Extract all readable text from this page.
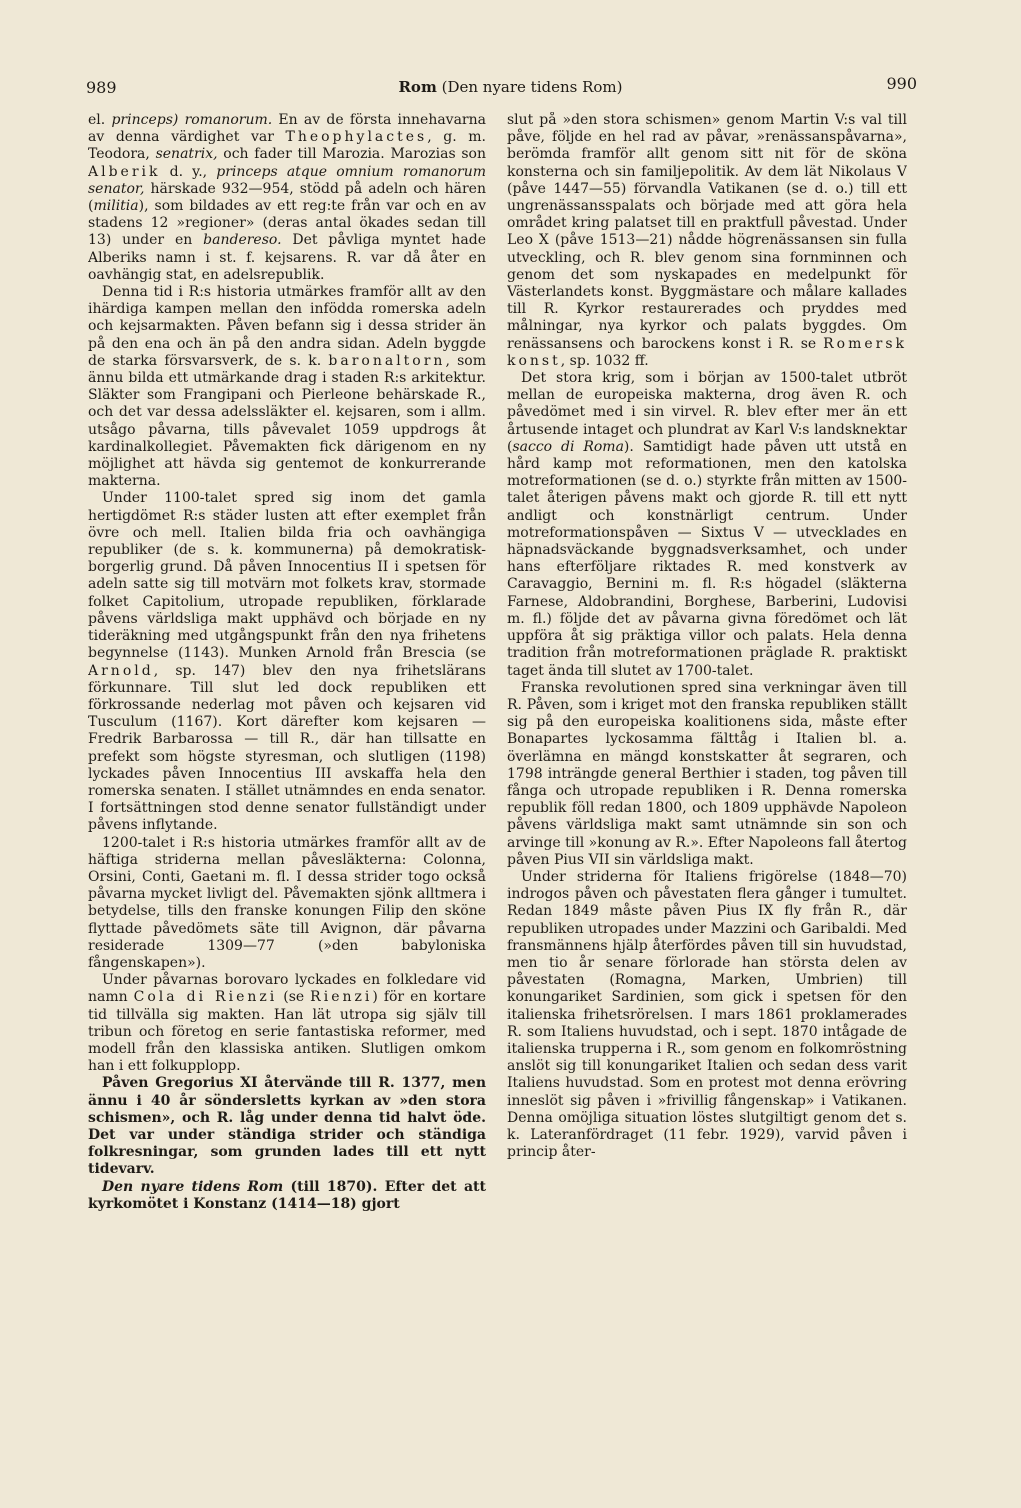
989	Rom (Den nyare tidens Rom)	990

el. princeps) romanorum. En av de första innehavarna av denna värdighet var Theophylactes, g. m. Teodora, senatrix, och fader till Marozia. Marozias son Alberik d. y., princeps atque omnium romanorum senator, härskade 932—954, stödd på adeln och hären (militia), som bildades av ett reg:te från var och en av stadens 12 »regioner» (deras antal ökades sedan till 13) under en bandereso. Det påvliga myntet hade Alberiks namn i st. f. kejsarens. R. var då åter en oavhängig stat, en adelsrepublik.

Denna tid i R:s historia utmärkes framför allt av den ihärdiga kampen mellan den infödda romerska adeln och kejsarmakten. Påven befann sig i dessa strider än på den ena och än på den andra sidan. Adeln byggde de starka försvarsverk, de s. k. baronaltorn, som ännu bilda ett utmärkande drag i staden R:s arkitektur. Släkter som Frangipani och Pierleone behärskade R., och det var dessa adelssläkter el. kejsaren, som i allm. utsågo påvarna, tills påvevalet 1059 uppdrogs åt kardinalkollegiet. Påvemakten fick därigenom en ny möjlighet att hävda sig gentemot de konkurrerande makterna.

Under 1100-talet spred sig inom det gamla hertigdömet R:s städer lusten att efter exemplet från övre och mell. Italien bilda fria och oavhängiga republiker (de s. k. kommunerna) på demokratisk-borgerlig grund. Då påven Innocentius II i spetsen för adeln satte sig till motvärn mot folkets krav, stormade folket Capitolium, utropade republiken, förklarade påvens världsliga makt upphävd och började en ny tideräkning med utgångspunkt från den nya frihetens begynnelse (1143). Munken Arnold från Brescia (se Arnold, sp. 147) blev den nya frihetslärans förkunnare. Till slut led dock republiken ett förkrossande nederlag mot påven och kejsaren vid Tusculum (1167). Kort därefter kom kejsaren — Fredrik Barbarossa — till R., där han tillsatte en prefekt som högste styresman, och slutligen (1198) lyckades påven Innocentius III avskaffa hela den romerska senaten. I stället utnämndes en enda senator. I fortsättningen stod denne senator fullständigt under påvens inflytande.

1200-talet i R:s historia utmärkes framför allt av de häftiga striderna mellan påvesläkterna: Colonna, Orsini, Conti, Gaetani m. fl. I dessa strider togo också påvarna mycket livligt del. Påvemakten sjönk alltmera i betydelse, tills den franske konungen Filip den sköne flyttade påvedömets säte till Avignon, där påvarna residerade 1309—77 (»den babyloniska fångenskapen»).

Under påvarnas borovaro lyckades en folkledare vid namn Cola di Rienzi (se Rienzi) för en kortare tid tillvälla sig makten. Han lät utropa sig själv till tribun och företog en serie fantastiska reformer, med modell från den klassiska antiken. Slutligen omkom han i ett folkupplopp.

Påven Gregorius XI återvände till R. 1377, men ännu i 40 år söndersletts kyrkan av »den stora schismen», och R. låg under denna tid halvt öde. Det var under ständiga strider och ständiga folkresningar, som grunden lades till ett nytt tidevarv.

Den nyare tidens Rom (till 1870). Efter det att kyrkomötet i Konstanz (1414—18) gjort

slut på »den stora schismen» genom Martin V:s val till påve, följde en hel rad av påvar, »renässanspåvarna», berömda framför allt genom sitt nit för de sköna konsterna och sin familjepolitik. Av dem lät Nikolaus V (påve 1447—55) förvandla Vatikanen (se d. o.) till ett ungrenässansspalats och började med att göra hela området kring palatset till en praktfull påvestad. Under Leo X (påve 1513—21) nådde högrenässansen sin fulla utveckling, och R. blev genom sina fornminnen och genom det som nyskapades en medelpunkt för Västerlandets konst. Byggmästare och målare kallades till R. Kyrkor restaurerades och pryddes med målningar, nya kyrkor och palats byggdes. Om renässansens och barockens konst i R. se Romersk konst, sp. 1032 ff.

Det stora krig, som i början av 1500-talet utbröt mellan de europeiska makterna, drog även R. och påvedömet med i sin virvel. R. blev efter mer än ett årtusende intaget och plundrat av Karl V:s landsknektar (sacco di Roma). Samtidigt hade påven utt utstå en hård kamp mot reformationen, men den katolska motreformationen (se d. o.) styrkte från mitten av 1500-talet återigen påvens makt och gjorde R. till ett nytt andligt och konstnärligt centrum. Under motreformationspåven — Sixtus V — utvecklades en häpnadsväckande byggnadsverksamhet, och under hans efterföljare riktades R. med konstverk av Caravaggio, Bernini m. fl. R:s högadel (släkterna Farnese, Aldobrandini, Borghese, Barberini, Ludovisi m. fl.) följde det av påvarna givna föredömet och lät uppföra åt sig präktiga villor och palats. Hela denna tradition från motreformationen präglade R. praktiskt taget ända till slutet av 1700-talet.

Franska revolutionen spred sina verkningar även till R. Påven, som i kriget mot den franska republiken ställt sig på den europeiska koalitionens sida, måste efter Bonapartes lyckosamma fälttåg i Italien bl. a. överlämna en mängd konstskatter åt segraren, och 1798 inträngde general Berthier i staden, tog påven till fånga och utropade republiken i R. Denna romerska republik föll redan 1800, och 1809 upphävde Napoleon påvens världsliga makt samt utnämnde sin son och arvinge till »konung av R.». Efter Napoleons fall återtog påven Pius VII sin världsliga makt.

Under striderna för Italiens frigörelse (1848—70) indrogos påven och påvestaten flera gånger i tumultet. Redan 1849 måste påven Pius IX fly från R., där republiken utropades under Mazzini och Garibaldi. Med fransmännens hjälp återfördes påven till sin huvudstad, men tio år senare förlorade han största delen av påvestaten (Romagna, Marken, Umbrien) till konungariket Sardinien, som gick i spetsen för den italienska frihetsrörelsen. I mars 1861 proklamerades R. som Italiens huvudstad, och i sept. 1870 intågade de italienska trupperna i R., som genom en folkomröstning anslöt sig till konungariket Italien och sedan dess varit Italiens huvudstad. Som en protest mot denna erövring inneslöt sig påven i »frivillig fångenskap» i Vatikanen. Denna omöjliga situation löstes slutgiltigt genom det s. k. Lateranfördraget (11 febr. 1929), varvid påven i princip åter-
